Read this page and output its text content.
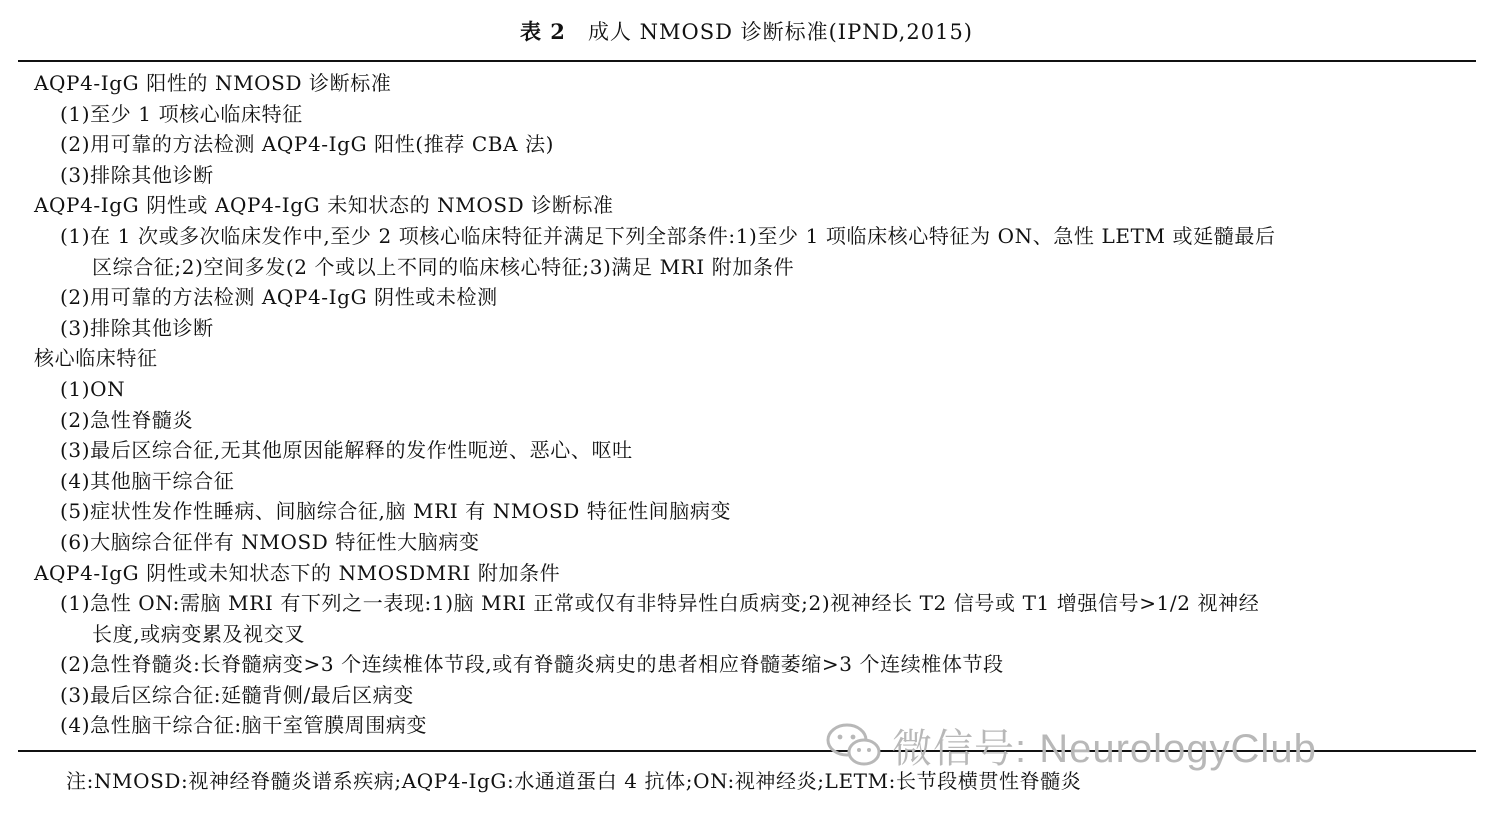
表 2 成人 NMOSD 诊断标准(IPND,2015)
AQP4-IgG 阳性的 NMOSD 诊断标准
(1)至少 1 项核心临床特征
(2)用可靠的方法检测 AQP4-IgG 阳性(推荐 CBA 法)
(3)排除其他诊断
AQP4-IgG 阴性或 AQP4-IgG 未知状态的 NMOSD 诊断标准
(1)在 1 次或多次临床发作中,至少 2 项核心临床特征并满足下列全部条件:1)至少 1 项临床核心特征为 ON、急性 LETM 或延髓最后
区综合征;2)空间多发(2 个或以上不同的临床核心特征;3)满足 MRI 附加条件
(2)用可靠的方法检测 AQP4-IgG 阴性或未检测
(3)排除其他诊断
核心临床特征
(1)ON
(2)急性脊髓炎
(3)最后区综合征,无其他原因能解释的发作性呃逆、恶心、呕吐
(4)其他脑干综合征
(5)症状性发作性睡病、间脑综合征,脑 MRI 有 NMOSD 特征性间脑病变
(6)大脑综合征伴有 NMOSD 特征性大脑病变
AQP4-IgG 阴性或未知状态下的 NMOSDMRI 附加条件
(1)急性 ON:需脑 MRI 有下列之一表现:1)脑 MRI 正常或仅有非特异性白质病变;2)视神经长 T2 信号或 T1 增强信号>1/2 视神经
长度,或病变累及视交叉
(2)急性脊髓炎:长脊髓病变>3 个连续椎体节段,或有脊髓炎病史的患者相应脊髓萎缩>3 个连续椎体节段
(3)最后区综合征:延髓背侧/最后区病变
(4)急性脑干综合征:脑干室管膜周围病变
微信号: NeurologyClub
注:NMOSD:视神经脊髓炎谱系疾病;AQP4-IgG:水通道蛋白 4 抗体;ON:视神经炎;LETM:长节段横贯性脊髓炎
